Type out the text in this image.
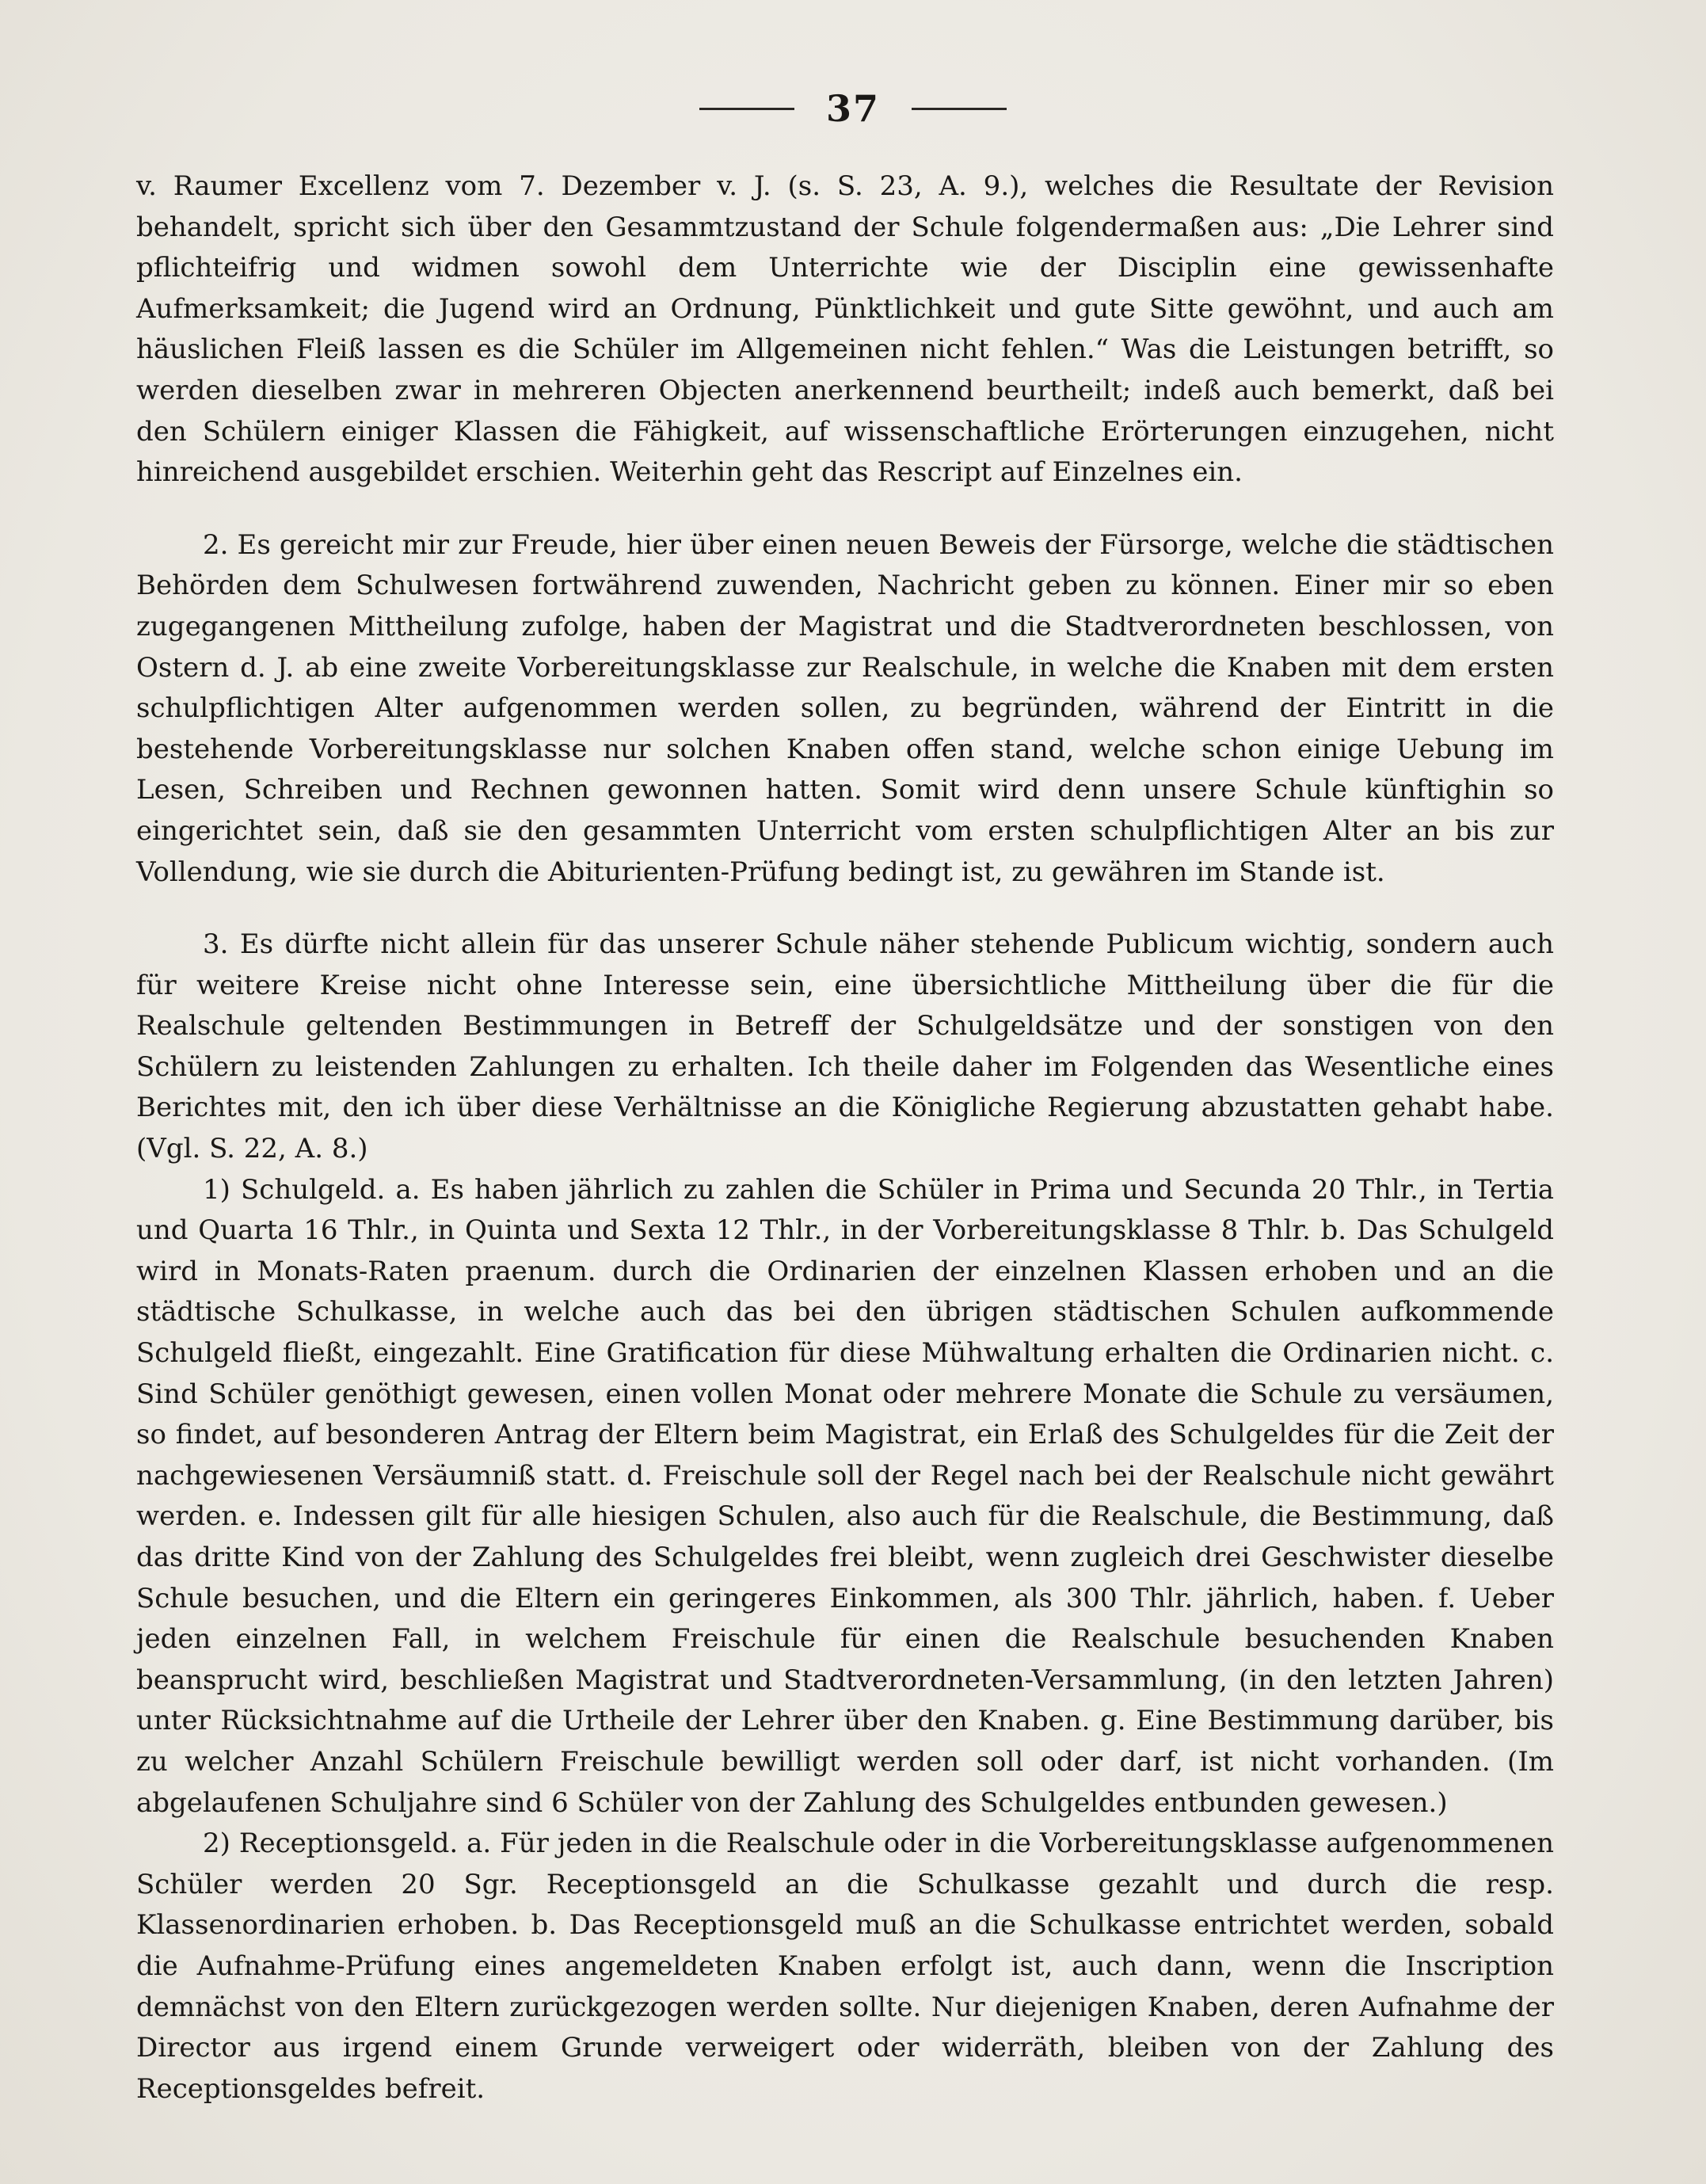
37

v. Raumer Excellenz vom 7. Dezember v. J. (s. S. 23, A. 9.), welches die Resultate der Revision behandelt, spricht sich über den Gesammtzustand der Schule folgendermaßen aus: „Die Lehrer sind pflichteifrig und widmen sowohl dem Unterrichte wie der Disciplin eine gewissenhafte Aufmerksamkeit; die Jugend wird an Ordnung, Pünktlichkeit und gute Sitte gewöhnt, und auch am häuslichen Fleiß lassen es die Schüler im Allgemeinen nicht fehlen.“ Was die Leistungen betrifft, so werden dieselben zwar in mehreren Objecten anerkennend beurtheilt; indeß auch bemerkt, daß bei den Schülern einiger Klassen die Fähigkeit, auf wissenschaftliche Erörterungen einzugehen, nicht hinreichend ausgebildet erschien. Weiterhin geht das Rescript auf Einzelnes ein.

2. Es gereicht mir zur Freude, hier über einen neuen Beweis der Fürsorge, welche die städtischen Behörden dem Schulwesen fortwährend zuwenden, Nachricht geben zu können. Einer mir so eben zugegangenen Mittheilung zufolge, haben der Magistrat und die Stadtverordneten beschlossen, von Ostern d. J. ab eine zweite Vorbereitungsklasse zur Realschule, in welche die Knaben mit dem ersten schulpflichtigen Alter aufgenommen werden sollen, zu begründen, während der Eintritt in die bestehende Vorbereitungsklasse nur solchen Knaben offen stand, welche schon einige Uebung im Lesen, Schreiben und Rechnen gewonnen hatten. Somit wird denn unsere Schule künftighin so eingerichtet sein, daß sie den gesammten Unterricht vom ersten schulpflichtigen Alter an bis zur Vollendung, wie sie durch die Abiturienten-Prüfung bedingt ist, zu gewähren im Stande ist.

3. Es dürfte nicht allein für das unserer Schule näher stehende Publicum wichtig, sondern auch für weitere Kreise nicht ohne Interesse sein, eine übersichtliche Mittheilung über die für die Realschule geltenden Bestimmungen in Betreff der Schulgeldsätze und der sonstigen von den Schülern zu leistenden Zahlungen zu erhalten. Ich theile daher im Folgenden das Wesentliche eines Berichtes mit, den ich über diese Verhältnisse an die Königliche Regierung abzustatten gehabt habe. (Vgl. S. 22, A. 8.)

1) Schulgeld. a. Es haben jährlich zu zahlen die Schüler in Prima und Secunda 20 Thlr., in Tertia und Quarta 16 Thlr., in Quinta und Sexta 12 Thlr., in der Vorbereitungsklasse 8 Thlr. b. Das Schulgeld wird in Monats-Raten praenum. durch die Ordinarien der einzelnen Klassen erhoben und an die städtische Schulkasse, in welche auch das bei den übrigen städtischen Schulen aufkommende Schulgeld fließt, eingezahlt. Eine Gratification für diese Mühwaltung erhalten die Ordinarien nicht. c. Sind Schüler genöthigt gewesen, einen vollen Monat oder mehrere Monate die Schule zu versäumen, so findet, auf besonderen Antrag der Eltern beim Magistrat, ein Erlaß des Schulgeldes für die Zeit der nachgewiesenen Versäumniß statt. d. Freischule soll der Regel nach bei der Realschule nicht gewährt werden. e. Indessen gilt für alle hiesigen Schulen, also auch für die Realschule, die Bestimmung, daß das dritte Kind von der Zahlung des Schulgeldes frei bleibt, wenn zugleich drei Geschwister dieselbe Schule besuchen, und die Eltern ein geringeres Einkommen, als 300 Thlr. jährlich, haben. f. Ueber jeden einzelnen Fall, in welchem Freischule für einen die Realschule besuchenden Knaben beansprucht wird, beschließen Magistrat und Stadtverordneten-Versammlung, (in den letzten Jahren) unter Rücksichtnahme auf die Urtheile der Lehrer über den Knaben. g. Eine Bestimmung darüber, bis zu welcher Anzahl Schülern Freischule bewilligt werden soll oder darf, ist nicht vorhanden. (Im abgelaufenen Schuljahre sind 6 Schüler von der Zahlung des Schulgeldes entbunden gewesen.)

2) Receptionsgeld. a. Für jeden in die Realschule oder in die Vorbereitungsklasse aufgenommenen Schüler werden 20 Sgr. Receptionsgeld an die Schulkasse gezahlt und durch die resp. Klassenordinarien erhoben. b. Das Receptionsgeld muß an die Schulkasse entrichtet werden, sobald die Aufnahme-Prüfung eines angemeldeten Knaben erfolgt ist, auch dann, wenn die Inscription demnächst von den Eltern zurückgezogen werden sollte. Nur diejenigen Knaben, deren Aufnahme der Director aus irgend einem Grunde verweigert oder widerräth, bleiben von der Zahlung des Receptionsgeldes befreit.
